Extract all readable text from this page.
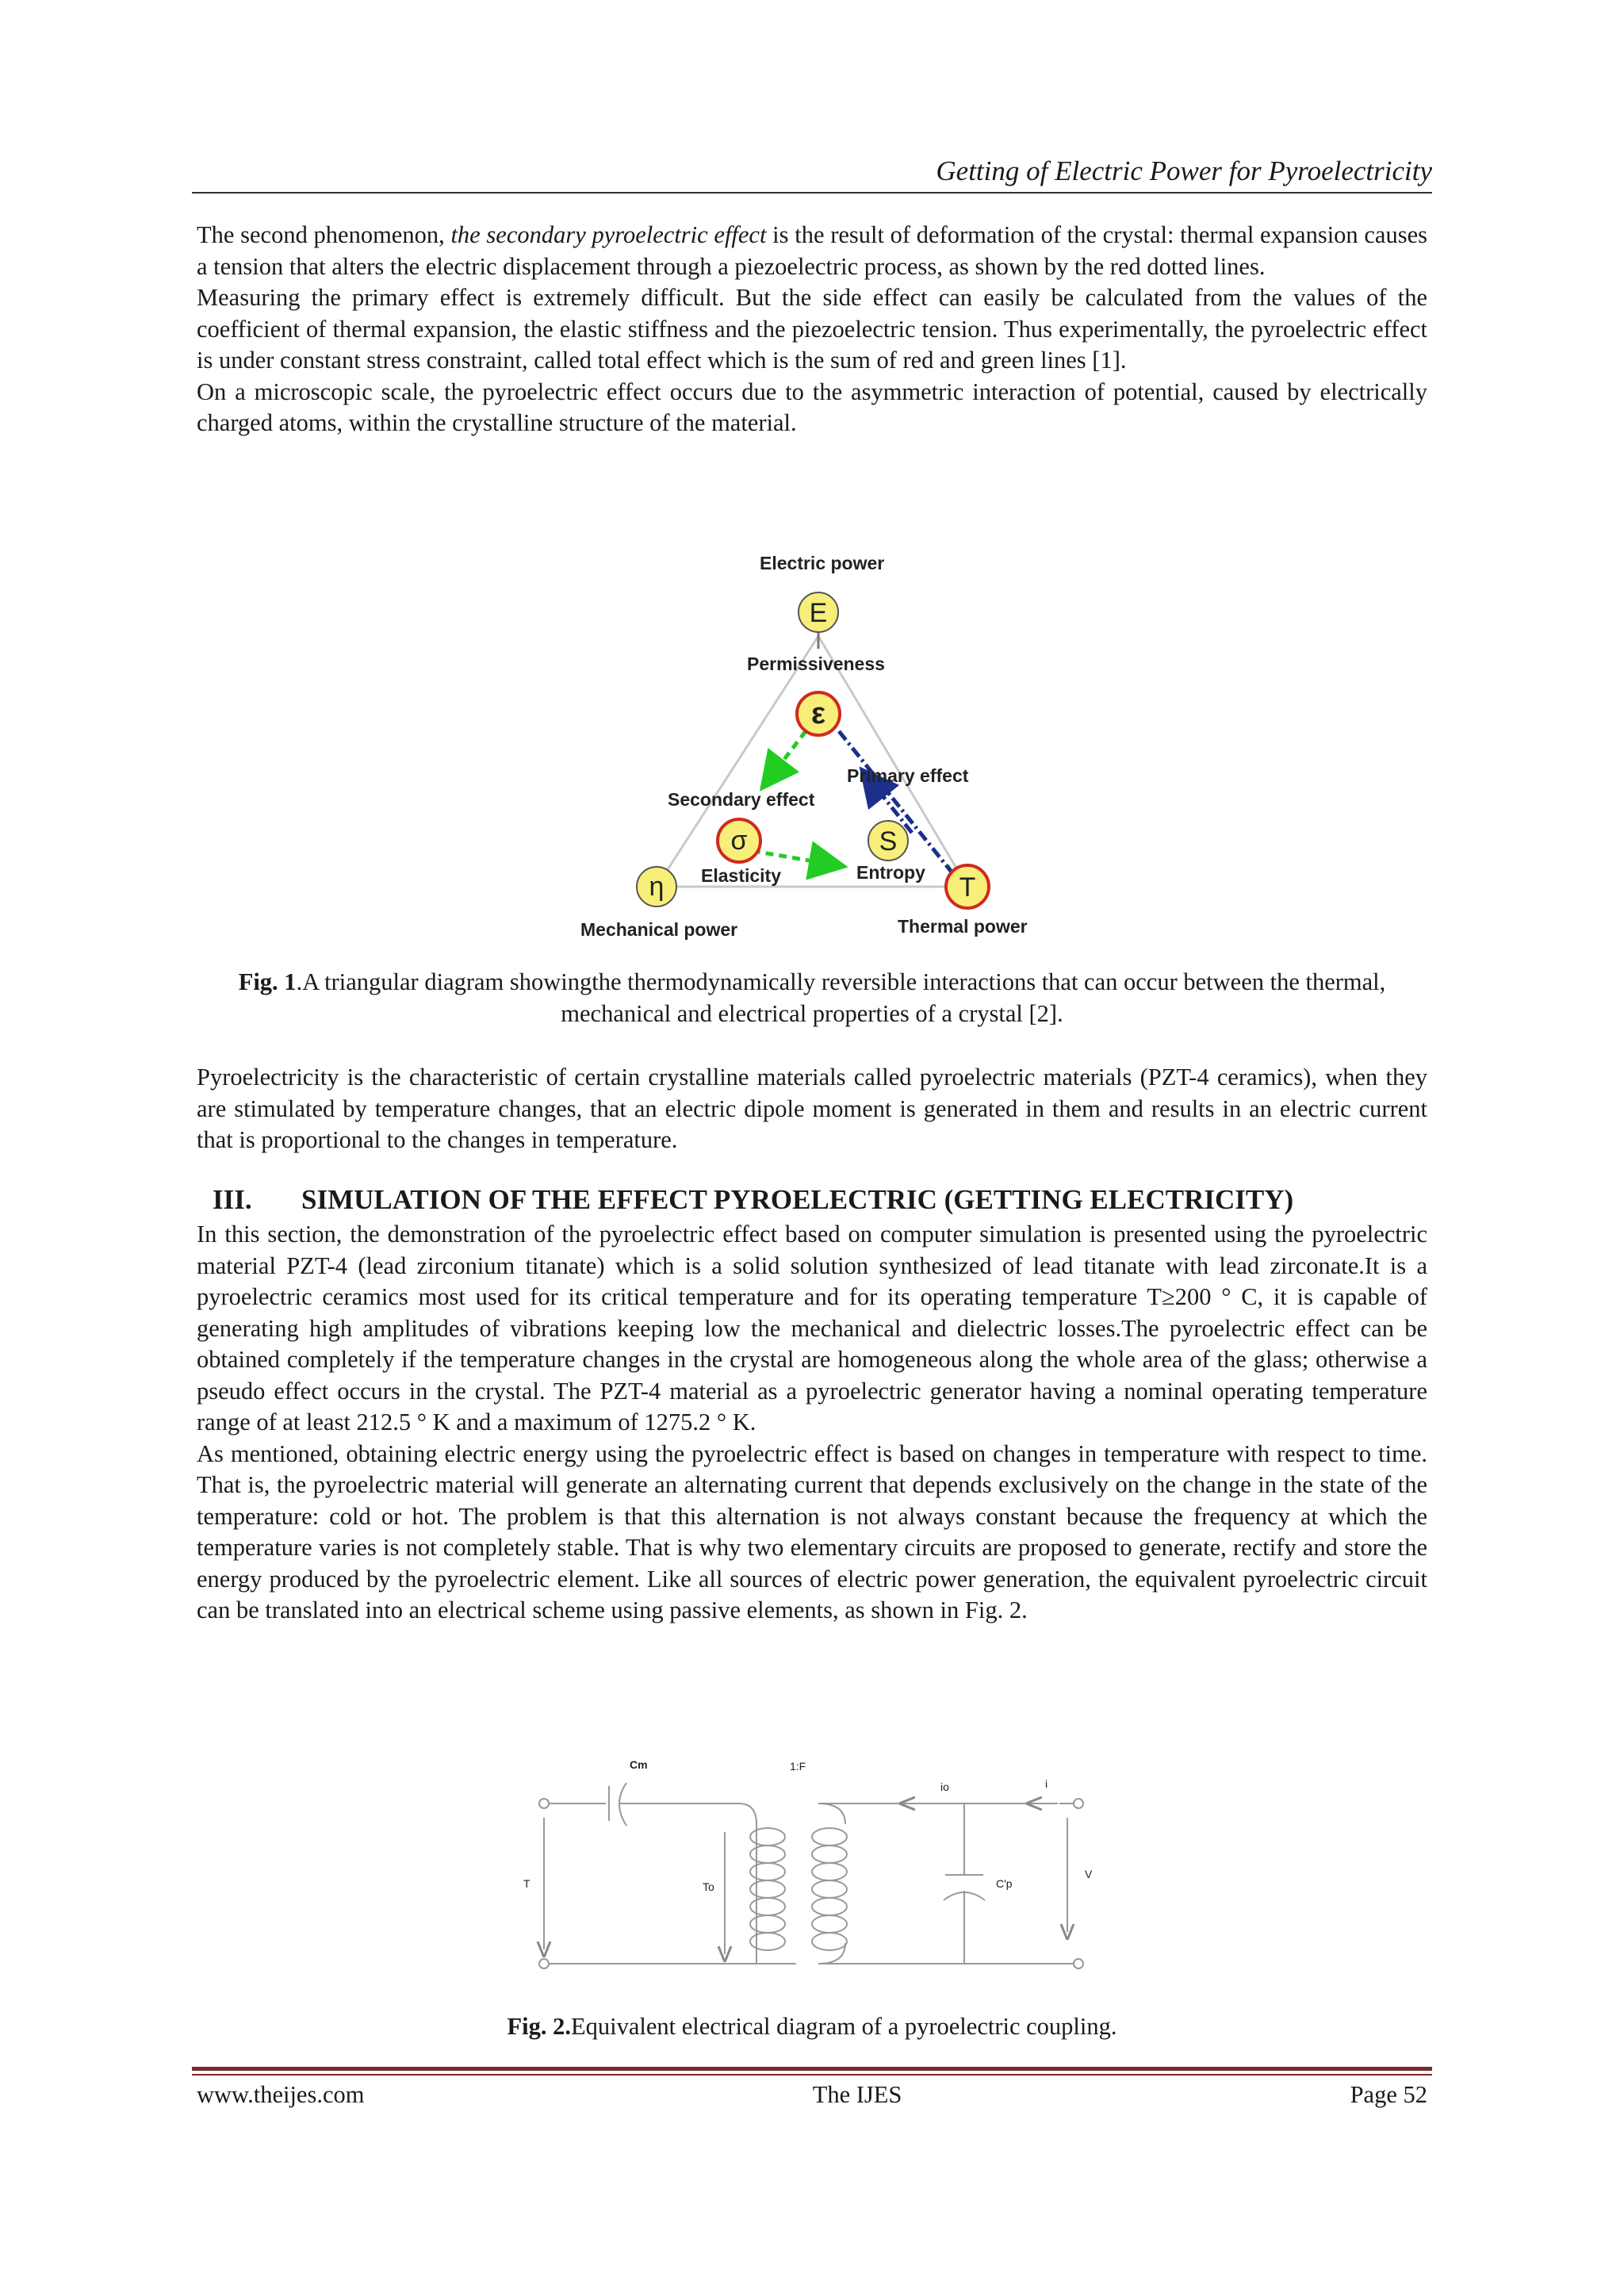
Getting of Electric Power for Pyroelectricity

The second phenomenon, the secondary pyroelectric effect is the result of deformation of the crystal: thermal expansion causes a tension that alters the electric displacement through a piezoelectric process, as shown by the red dotted lines.

Measuring the primary effect is extremely difficult. But the side effect can easily be calculated from the values of the coefficient of thermal expansion, the elastic stiffness and the piezoelectric tension. Thus experimentally, the pyroelectric effect is under constant stress constraint, called total effect which is the sum of red and green lines [1].

On a microscopic scale, the pyroelectric effect occurs due to the asymmetric interaction of potential, caused by electrically charged atoms, within the crystalline structure of the material.

E
ε
σ	S
η	T
Electric power
Permissiveness
Primary effect
Secondary effect
Elasticity	Entropy
Mechanical power	Thermal power
Fig. 1.A triangular diagram showingthe thermodynamically reversible interactions that can occur between the thermal, mechanical and electrical properties of a crystal [2].

Pyroelectricity is the characteristic of certain crystalline materials called pyroelectric materials (PZT-4 ceramics), when they are stimulated by temperature changes, that an electric dipole moment is generated in them and results in an electric current that is proportional to the changes in temperature.

III. SIMULATION OF THE EFFECT PYROELECTRIC (GETTING ELECTRICITY)

In this section, the demonstration of the pyroelectric effect based on computer simulation is presented using the pyroelectric material PZT-4 (lead zirconium titanate) which is a solid solution synthesized of lead titanate with lead zirconate.It is a pyroelectric ceramics most used for its critical temperature and for its operating temperature T≥200 ° C, it is capable of generating high amplitudes of vibrations keeping low the mechanical and dielectric losses.The pyroelectric effect can be obtained completely if the temperature changes in the crystal are homogeneous along the whole area of the glass; otherwise a pseudo effect occurs in the crystal. The PZT-4 material as a pyroelectric generator having a nominal operating temperature range of at least 212.5 ° K and a maximum of 1275.2 ° K.

As mentioned, obtaining electric energy using the pyroelectric effect is based on changes in temperature with respect to time. That is, the pyroelectric material will generate an alternating current that depends exclusively on the change in the state of the temperature: cold or hot. The problem is that this alternation is not always constant because the frequency at which the temperature varies is not completely stable. That is why two elementary circuits are proposed to generate, rectify and store the energy produced by the pyroelectric element. Like all sources of electric power generation, the equivalent pyroelectric circuit can be translated into an electrical scheme using passive elements, as shown in Fig. 2.

Cm	1:F
io	i
T	To	C'p
V
Fig. 2.Equivalent electrical diagram of a pyroelectric coupling.
www.theijes.com	The IJES	Page 52
